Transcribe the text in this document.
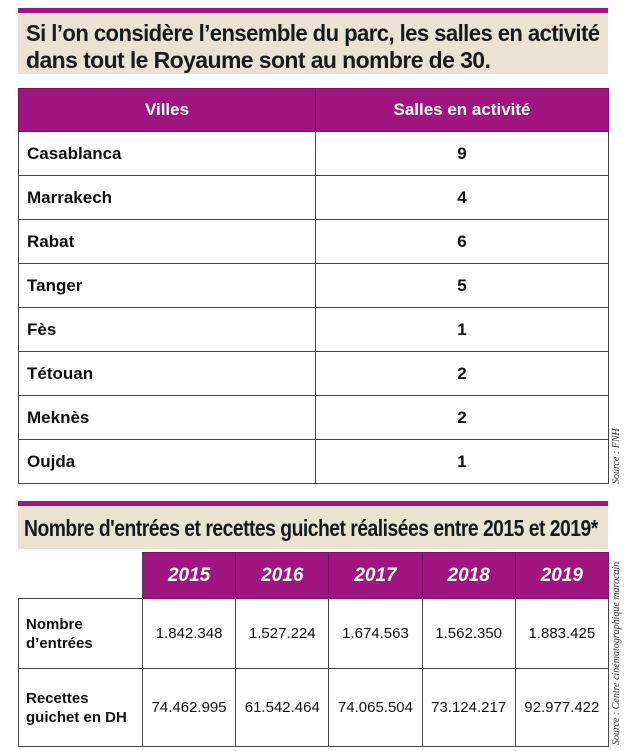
Si l’on considère l’ensemble du parc, les salles en activité
dans tout le Royaume sont au nombre de 30.
Villes	Salles en activité
Casablanca	9
Marrakech	4
Rabat	6
Tanger	5
Fès	1
Tétouan	2
Meknès	2
Oujda	1	Source : FNH
Nombre d'entrées et recettes guichet réalisées entre 2015 et 2019*
	2015	2016	2017	2018	2019
Nombre
d’entrées	1.842.348	1.527.224	1.674.563	1.562.350	1.883.425
Recettes
guichet en DH	74.462.995	61.542.464	74.065.504	73.124.217	92.977.422 Source : Centre cinématographique marocain
